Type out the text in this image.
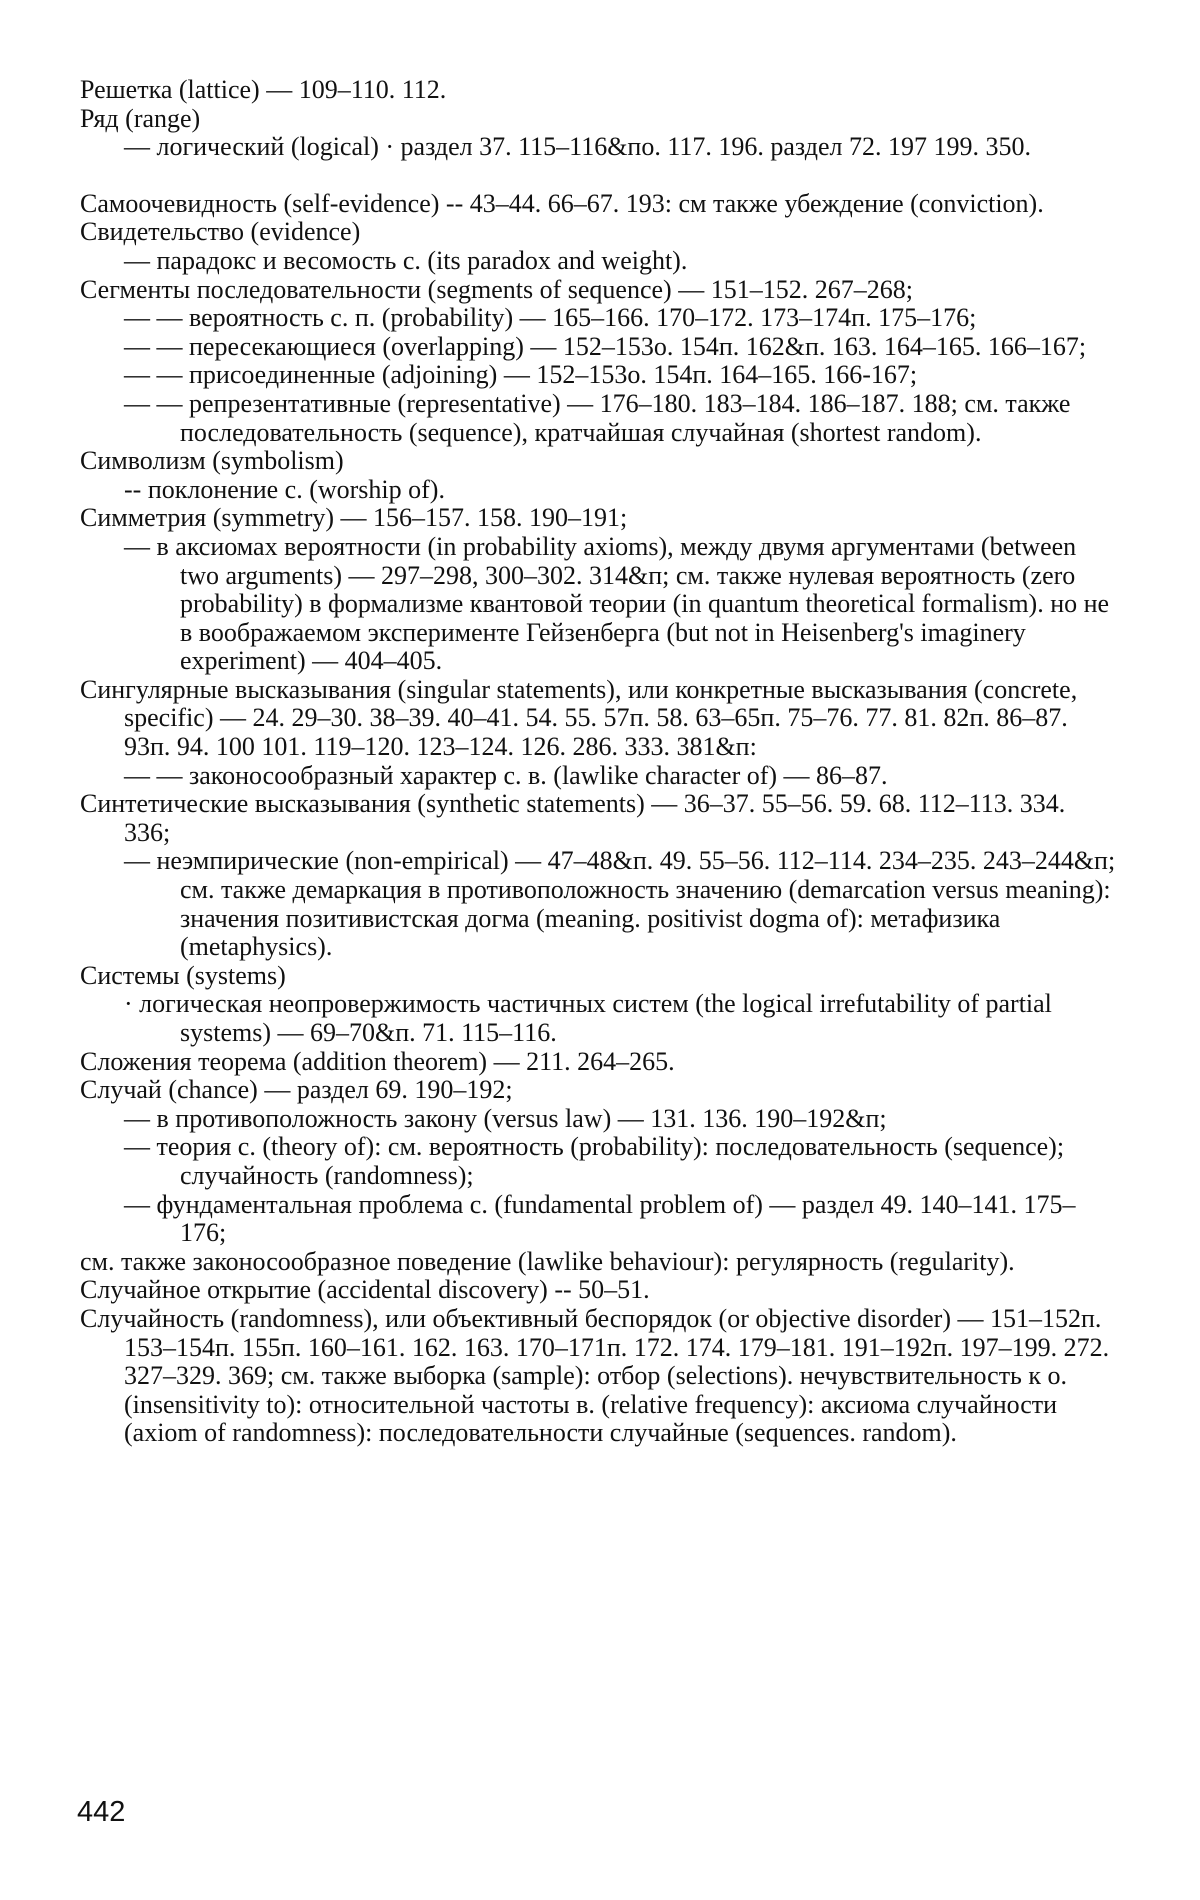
Решетка (lattice) — 109–110. 112.

Ряд (range)

— логический (logical) · раздел 37. 115–116&по. 117. 196. раздел 72. 197 199. 350.

Самоочевидность (self-evidence) -- 43–44. 66–67. 193: см также убеждение (conviction).

Свидетельство (evidence)

— парадокс и весомость с. (its paradox and weight).

Сегменты последовательности (segments of sequence) — 151–152. 267–268;

— — вероятность с. п. (probability) — 165–166. 170–172. 173–174п. 175–176;

— — пересекающиеся (overlapping) — 152–153о. 154п. 162&п. 163. 164–165. 166–167;

— — присоединенные (adjoining) — 152–153о. 154п. 164–165. 166-167;

— — репрезентативные (representative) — 176–180. 183–184. 186–187. 188; см. также последовательность (sequence), кратчайшая случайная (shortest random).

Символизм (symbolism)

-- поклонение с. (worship of).

Симметрия (symmetry) — 156–157. 158. 190–191;

— в аксиомах вероятности (in probability axioms), между двумя аргументами (between two arguments) — 297–298, 300–302. 314&п; см. также нулевая вероятность (zero probability) в формализме квантовой теории (in quantum theoretical formalism). но не в воображаемом эксперименте Гейзенберга (but not in Heisenberg's imaginery experiment) — 404–405.

Сингулярные высказывания (singular statements), или конкретные высказывания (concrete, specific) — 24. 29–30. 38–39. 40–41. 54. 55. 57п. 58. 63–65п. 75–76. 77. 81. 82п. 86–87. 93п. 94. 100 101. 119–120. 123–124. 126. 286. 333. 381&п:

— — законосообразный характер с. в. (lawlike character of) — 86–87.

Синтетические высказывания (synthetic statements) — 36–37. 55–56. 59. 68. 112–113. 334. 336;

— неэмпирические (non-empirical) — 47–48&п. 49. 55–56. 112–114. 234–235. 243–244&п; см. также демаркация в противоположность значению (demarcation versus meaning): значения позитивистская догма (meaning. positivist dogma of): метафизика (metaphysics).

Системы (systems)

· логическая неопровержимость частичных систем (the logical irrefutability of partial systems) — 69–70&п. 71. 115–116.

Сложения теорема (addition theorem) — 211. 264–265.

Случай (chance) — раздел 69. 190–192;

— в противоположность закону (versus law) — 131. 136. 190–192&п;

— теория с. (theory of): см. вероятность (probability): последовательность (sequence); случайность (randomness);

— фундаментальная проблема с. (fundamental problem of) — раздел 49. 140–141. 175–176;

см. также законосообразное поведение (lawlike behaviour): регулярность (regularity).

Случайное открытие (accidental discovery) -- 50–51.

Случайность (randomness), или объективный беспорядок (or objective disorder) — 151–152п. 153–154п. 155п. 160–161. 162. 163. 170–171п. 172. 174. 179–181. 191–192п. 197–199. 272. 327–329. 369; см. также выборка (sample): отбор (selections). нечувствительность к о. (insensitivity to): относительной частоты в. (relative frequency): аксиома случайности (axiom of randomness): последовательности случайные (sequences. random).

442
